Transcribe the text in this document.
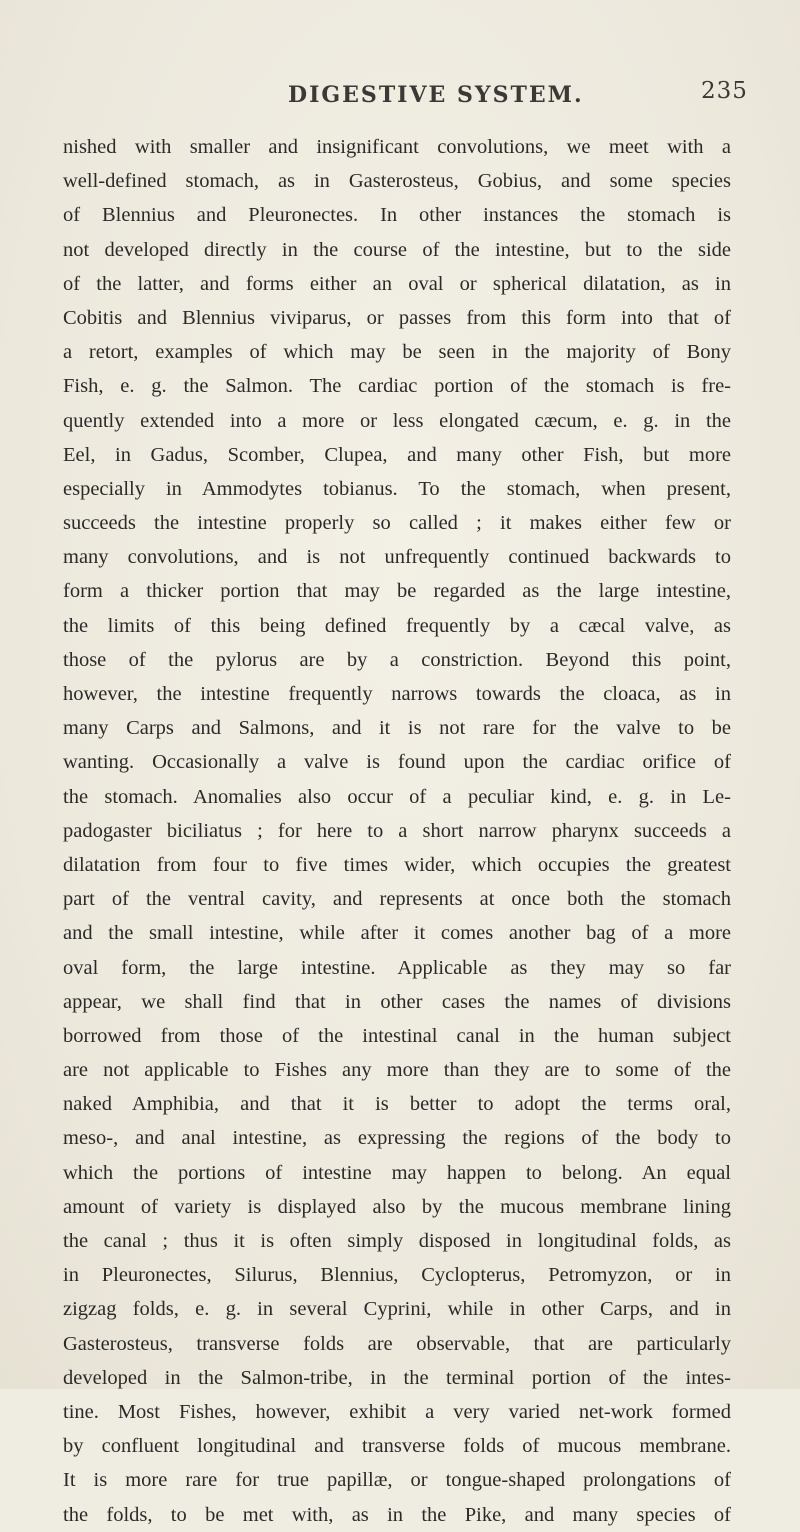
DIGESTIVE SYSTEM.	235
nished with smaller and insignificant convolutions, we meet with a
well-defined stomach, as in Gasterosteus, Gobius, and some species
of Blennius and Pleuronectes. In other instances the stomach is
not developed directly in the course of the intestine, but to the side
of the latter, and forms either an oval or spherical dilatation, as in
Cobitis and Blennius viviparus, or passes from this form into that of
a retort, examples of which may be seen in the majority of Bony
Fish, e. g. the Salmon. The cardiac portion of the stomach is fre-
quently extended into a more or less elongated cæcum, e. g. in the
Eel, in Gadus, Scomber, Clupea, and many other Fish, but more
especially in Ammodytes tobianus. To the stomach, when present,
succeeds the intestine properly so called ; it makes either few or
many convolutions, and is not unfrequently continued backwards to
form a thicker portion that may be regarded as the large intestine,
the limits of this being defined frequently by a cæcal valve, as
those of the pylorus are by a constriction. Beyond this point,
however, the intestine frequently narrows towards the cloaca, as in
many Carps and Salmons, and it is not rare for the valve to be
wanting. Occasionally a valve is found upon the cardiac orifice of
the stomach. Anomalies also occur of a peculiar kind, e. g. in Le-
padogaster biciliatus ; for here to a short narrow pharynx succeeds a
dilatation from four to five times wider, which occupies the greatest
part of the ventral cavity, and represents at once both the stomach
and the small intestine, while after it comes another bag of a more
oval form, the large intestine. Applicable as they may so far
appear, we shall find that in other cases the names of divisions
borrowed from those of the intestinal canal in the human subject
are not applicable to Fishes any more than they are to some of the
naked Amphibia, and that it is better to adopt the terms oral,
meso-, and anal intestine, as expressing the regions of the body to
which the portions of intestine may happen to belong. An equal
amount of variety is displayed also by the mucous membrane lining
the canal ; thus it is often simply disposed in longitudinal folds, as
in Pleuronectes, Silurus, Blennius, Cyclopterus, Petromyzon, or in
zigzag folds, e. g. in several Cyprini, while in other Carps, and in
Gasterosteus, transverse folds are observable, that are particularly
developed in the Salmon-tribe, in the terminal portion of the intes-
tine. Most Fishes, however, exhibit a very varied net-work formed
by confluent longitudinal and transverse folds of mucous membrane.
It is more rare for true papillæ, or tongue-shaped prolongations of
the folds, to be met with, as in the Pike, and many species of
